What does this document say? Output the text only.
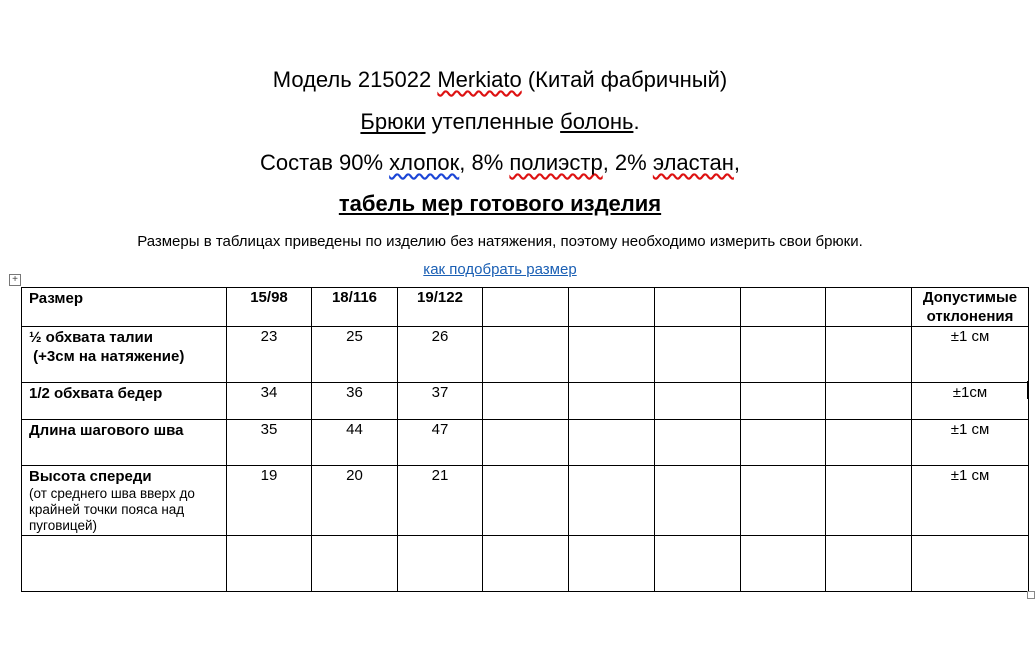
Модель 215022 Merkiato (Китай фабричный)
Брюки утепленные болонь.
Состав 90% хлопок, 8% полиэстр, 2% эластан,
табель мер готового изделия
Размеры в таблицах приведены по изделию без натяжения, поэтому необходимо измерить свои брюки.
как подобрать размер
+
Размер	15/98	18/116	19/122						Допустимые
отклонения
½ обхвата талии
(+3см на натяжение)	23	25	26						±1 см
1/2 обхвата бедер	34	36	37						±1см
Длина шагового шва	35	44	47						±1 см
Высота спереди
(от среднего шва вверх до крайней точки пояса над пуговицей)	19	20	21						±1 см
